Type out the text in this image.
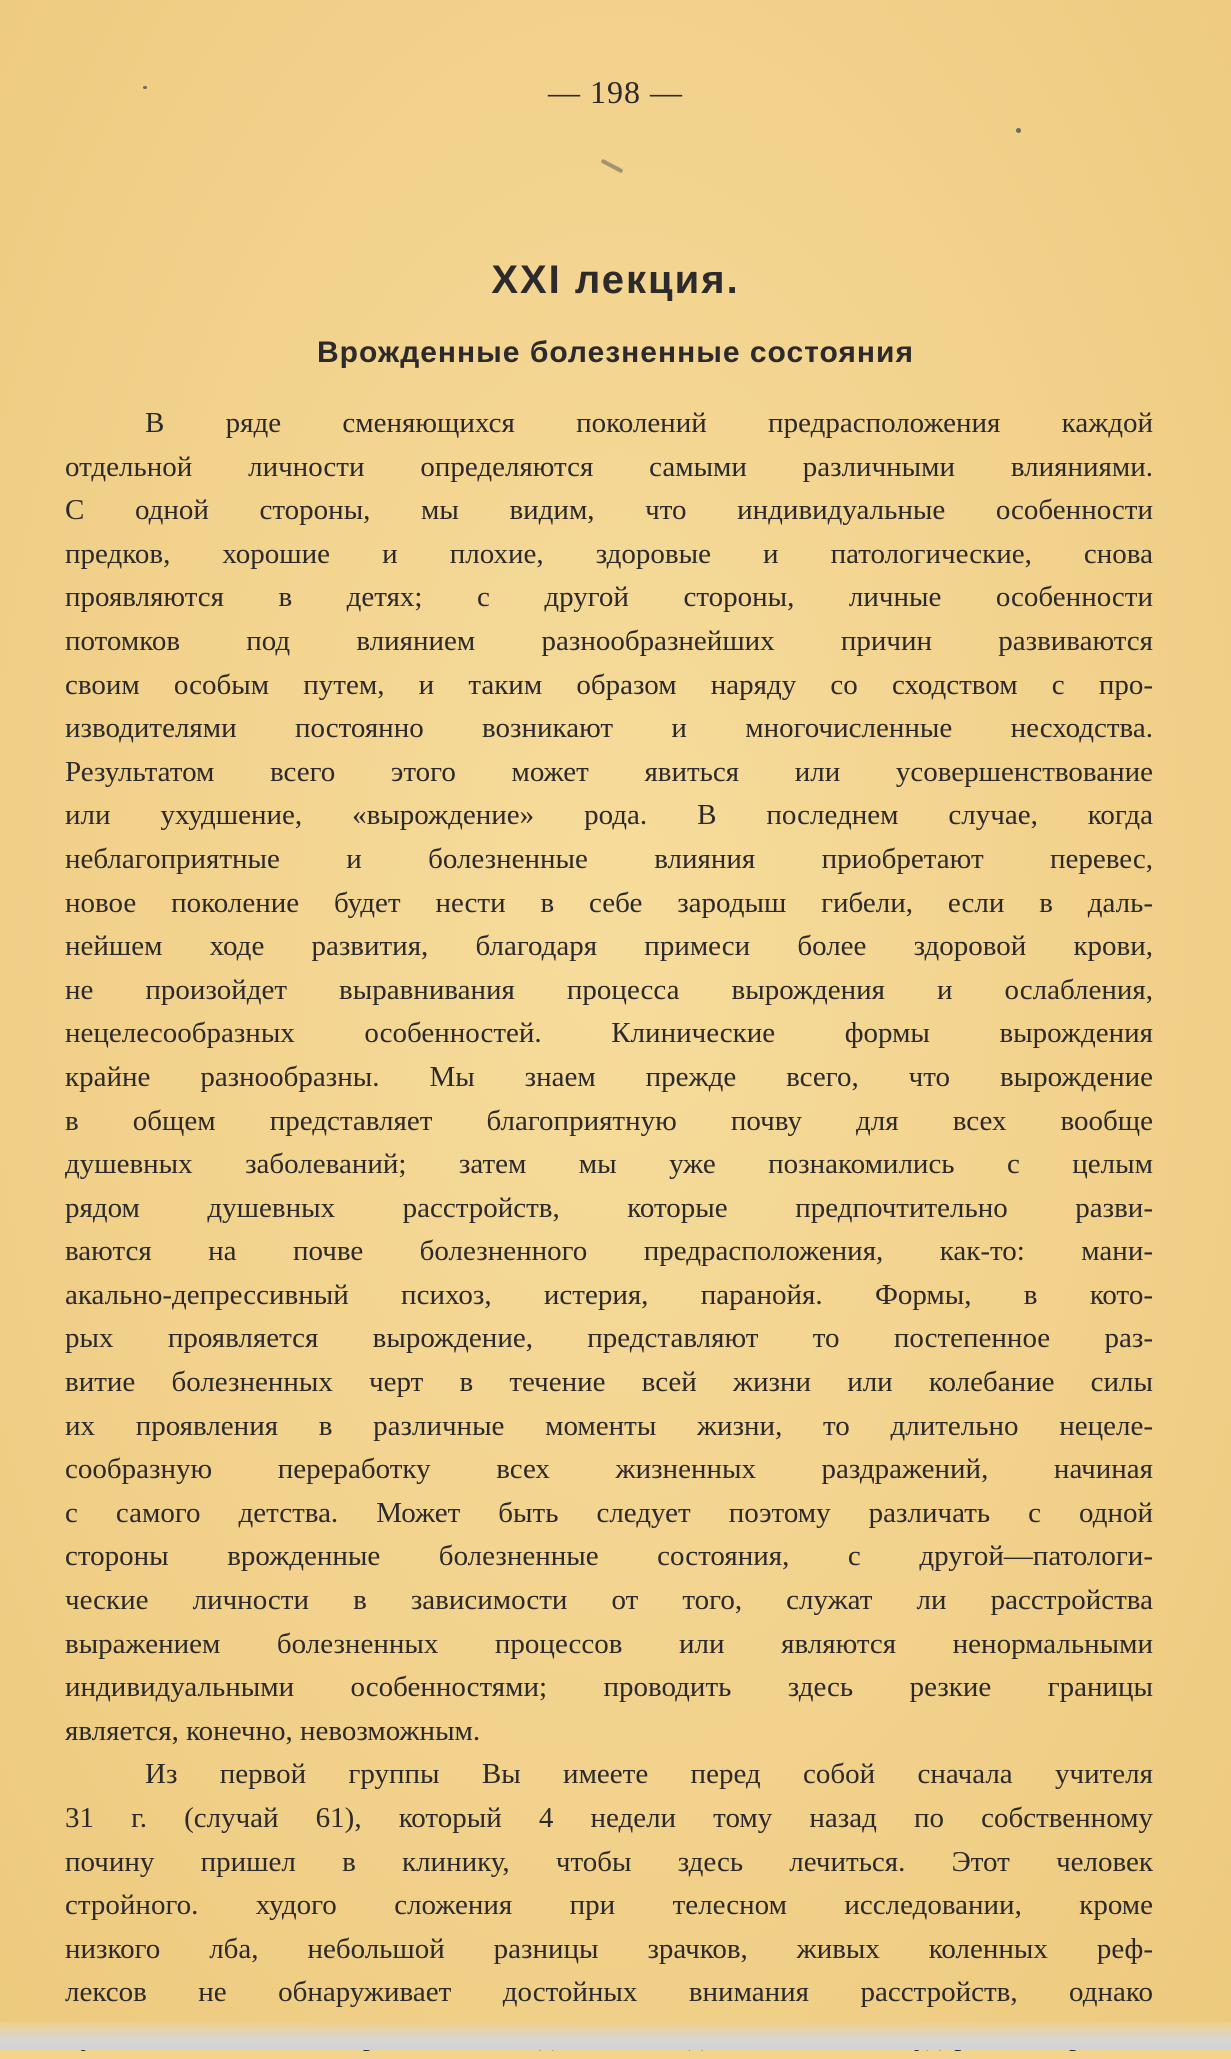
— 198 —
XXI лекция.
Врожденные болезненные состояния
В ряде сменяющихся поколений предрасположения каждой
отдельной личности определяются самыми различными влияниями.
С одной стороны, мы видим, что индивидуальные особенности
предков, хорошие и плохие, здоровые и патологические, снова
проявляются в детях; с другой стороны, личные особенности
потомков под влиянием разнообразнейших причин развиваются
своим особым путем, и таким образом наряду со сходством с про-
изводителями постоянно возникают и многочисленные несходства.
Результатом всего этого может явиться или усовершенствование
или ухудшение, «вырождение» рода. В последнем случае, когда
неблагоприятные и болезненные влияния приобретают перевес,
новое поколение будет нести в себе зародыш гибели, если в даль-
нейшем ходе развития, благодаря примеси более здоровой крови,
не произойдет выравнивания процесса вырождения и ослабления,
нецелесообразных особенностей. Клинические формы вырождения
крайне разнообразны. Мы знаем прежде всего, что вырождение
в общем представляет благоприятную почву для всех вообще
душевных заболеваний; затем мы уже познакомились с целым
рядом душевных расстройств, которые предпочтительно разви-
ваются на почве болезненного предрасположения, как-то: мани-
акально-депрессивный психоз, истерия, паранойя. Формы, в кото-
рых проявляется вырождение, представляют то постепенное раз-
витие болезненных черт в течение всей жизни или колебание силы
их проявления в различные моменты жизни, то длительно нецеле-
сообразную переработку всех жизненных раздражений, начиная
с самого детства. Может быть следует поэтому различать с одной
стороны врожденные болезненные состояния, с другой—патологи-
ческие личности в зависимости от того, служат ли расстройства
выражением болезненных процессов или являются ненормальными
индивидуальными особенностями; проводить здесь резкие границы
является, конечно, невозможным.
Из первой группы Вы имеете перед собой сначала учителя
31 г. (случай 61), который 4 недели тому назад по собственному
почину пришел в клинику, чтобы здесь лечиться. Этот человек
стройного. худого сложения при телесном исследовании, кроме
низкого лба, небольшой разницы зрачков, живых коленных реф-
лексов не обнаруживает достойных внимания расстройств, однако
